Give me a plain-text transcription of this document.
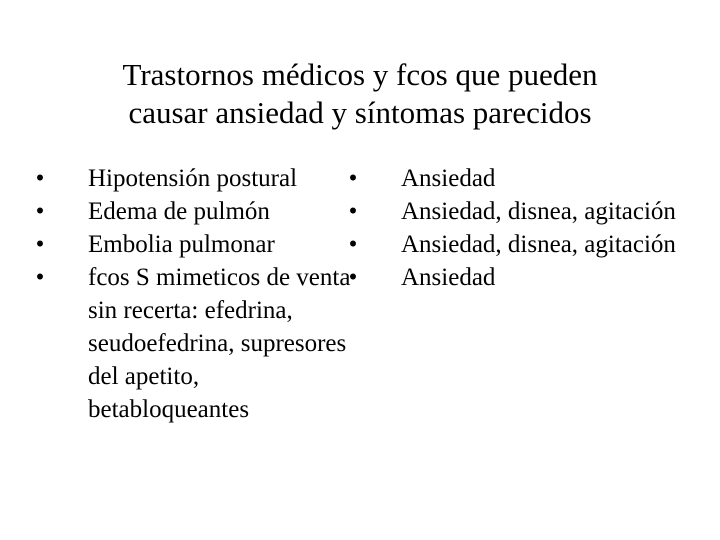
Trastornos médicos y fcos que pueden
causar ansiedad y síntomas parecidos
• Hipotensión postural
• Edema de pulmón
• Embolia pulmonar
• fcos S mimeticos de venta sin recerta: efedrina, seudoefedrina, supresores del apetito, betabloqueantes
• Ansiedad
• Ansiedad, disnea, agitación
• Ansiedad, disnea, agitación
• Ansiedad
